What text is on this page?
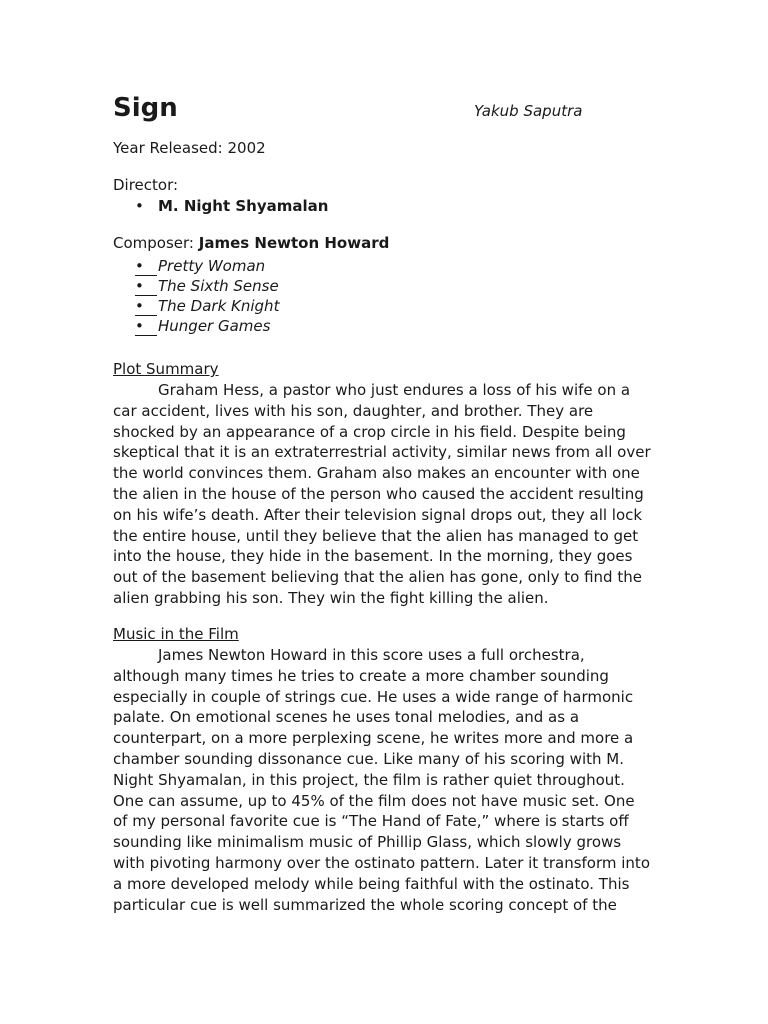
Sign	Yakub Saputra
Year Released: 2002
Director:
• M. Night Shyamalan
Composer: James Newton Howard
• Pretty Woman
• The Sixth Sense
• The Dark Knight
• Hunger Games
Plot Summary
Graham Hess, a pastor who just endures a loss of his wife on a
car accident, lives with his son, daughter, and brother. They are
shocked by an appearance of a crop circle in his field. Despite being
skeptical that it is an extraterrestrial activity, similar news from all over
the world convinces them. Graham also makes an encounter with one
the alien in the house of the person who caused the accident resulting
on his wife’s death. After their television signal drops out, they all lock
the entire house, until they believe that the alien has managed to get
into the house, they hide in the basement. In the morning, they goes
out of the basement believing that the alien has gone, only to find the
alien grabbing his son. They win the fight killing the alien.
Music in the Film
James Newton Howard in this score uses a full orchestra,
although many times he tries to create a more chamber sounding
especially in couple of strings cue. He uses a wide range of harmonic
palate. On emotional scenes he uses tonal melodies, and as a
counterpart, on a more perplexing scene, he writes more and more a
chamber sounding dissonance cue. Like many of his scoring with M.
Night Shyamalan, in this project, the film is rather quiet throughout.
One can assume, up to 45% of the film does not have music set. One
of my personal favorite cue is “The Hand of Fate,” where is starts off
sounding like minimalism music of Phillip Glass, which slowly grows
with pivoting harmony over the ostinato pattern. Later it transform into
a more developed melody while being faithful with the ostinato. This
particular cue is well summarized the whole scoring concept of the
